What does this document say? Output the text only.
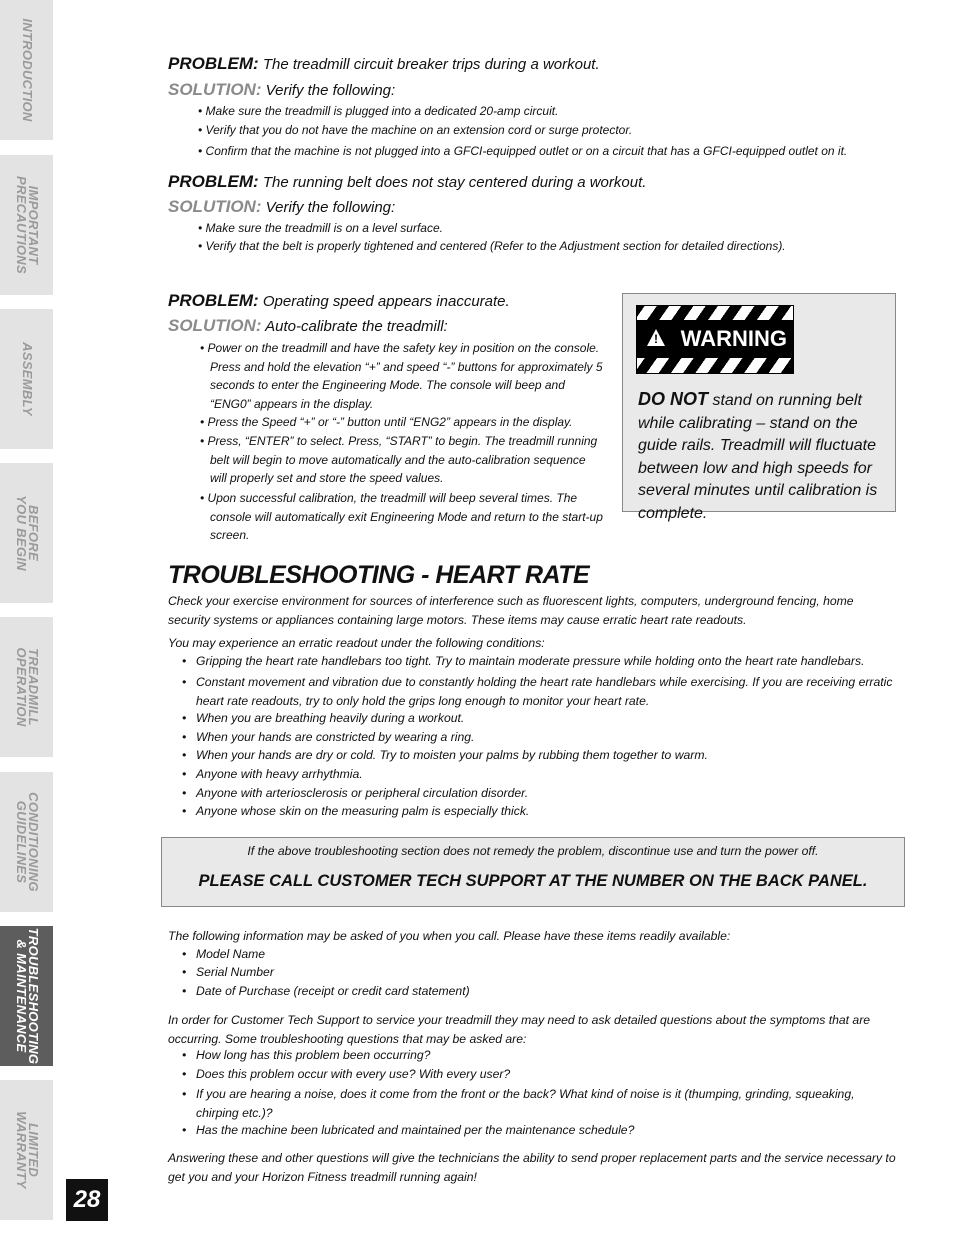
INTRODUCTION
IMPORTANT
PRECAUTIONS
ASSEMBLY
BEFORE
YOU BEGIN
TREADMILL
OPERATION
CONDITIONING
GUIDELINES
TROUBLESHOOTING
& MAINTENANCE
LIMITED
WARRANTY
28
PROBLEM: The treadmill circuit breaker trips during a workout.
SOLUTION: Verify the following:
• Make sure the treadmill is plugged into a dedicated 20-amp circuit.
• Verify that you do not have the machine on an extension cord or surge protector.
• Confirm that the machine is not plugged into a GFCI-equipped outlet or on a circuit that has a GFCI-equipped outlet on it.
PROBLEM: The running belt does not stay centered during a workout.
SOLUTION: Verify the following:
• Make sure the treadmill is on a level surface.
• Verify that the belt is properly tightened and centered (Refer to the Adjustment section for detailed directions).
PROBLEM: Operating speed appears inaccurate.
SOLUTION: Auto-calibrate the treadmill:
• Power on the treadmill and have the safety key in position on the console. Press and hold the elevation “+” and speed “-” buttons for approximately 5 seconds to enter the Engineering Mode. The console will beep and “ENG0” appears in the display.
• Press the Speed “+” or “-” button until “ENG2” appears in the display.
• Press, “ENTER” to select. Press, “START” to begin. The treadmill running belt will begin to move automatically and the auto-calibration sequence will properly set and store the speed values.
• Upon successful calibration, the treadmill will beep several times. The console will automatically exit Engineering Mode and return to the start-up screen.
! WARNING
DO NOT stand on running belt while calibrating – stand on the guide rails. Treadmill will fluctuate between low and high speeds for several minutes until calibration is complete.
TROUBLESHOOTING - HEART RATE
Check your exercise environment for sources of interference such as fluorescent lights, computers, underground fencing, home security systems or appliances containing large motors. These items may cause erratic heart rate readouts.
You may experience an erratic readout under the following conditions:
• Gripping the heart rate handlebars too tight. Try to maintain moderate pressure while holding onto the heart rate handlebars.
• Constant movement and vibration due to constantly holding the heart rate handlebars while exercising. If you are receiving erratic heart rate readouts, try to only hold the grips long enough to monitor your heart rate.
• When you are breathing heavily during a workout.
• When your hands are constricted by wearing a ring.
• When your hands are dry or cold. Try to moisten your palms by rubbing them together to warm.
• Anyone with heavy arrhythmia.
• Anyone with arteriosclerosis or peripheral circulation disorder.
• Anyone whose skin on the measuring palm is especially thick.
If the above troubleshooting section does not remedy the problem, discontinue use and turn the power off.
PLEASE CALL CUSTOMER TECH SUPPORT AT THE NUMBER ON THE BACK PANEL.
The following information may be asked of you when you call. Please have these items readily available:
• Model Name
• Serial Number
• Date of Purchase (receipt or credit card statement)
In order for Customer Tech Support to service your treadmill they may need to ask detailed questions about the symptoms that are occurring. Some troubleshooting questions that may be asked are:
• How long has this problem been occurring?
• Does this problem occur with every use? With every user?
• If you are hearing a noise, does it come from the front or the back? What kind of noise is it (thumping, grinding, squeaking, chirping etc.)?
• Has the machine been lubricated and maintained per the maintenance schedule?
Answering these and other questions will give the technicians the ability to send proper replacement parts and the service necessary to get you and your Horizon Fitness treadmill running again!
